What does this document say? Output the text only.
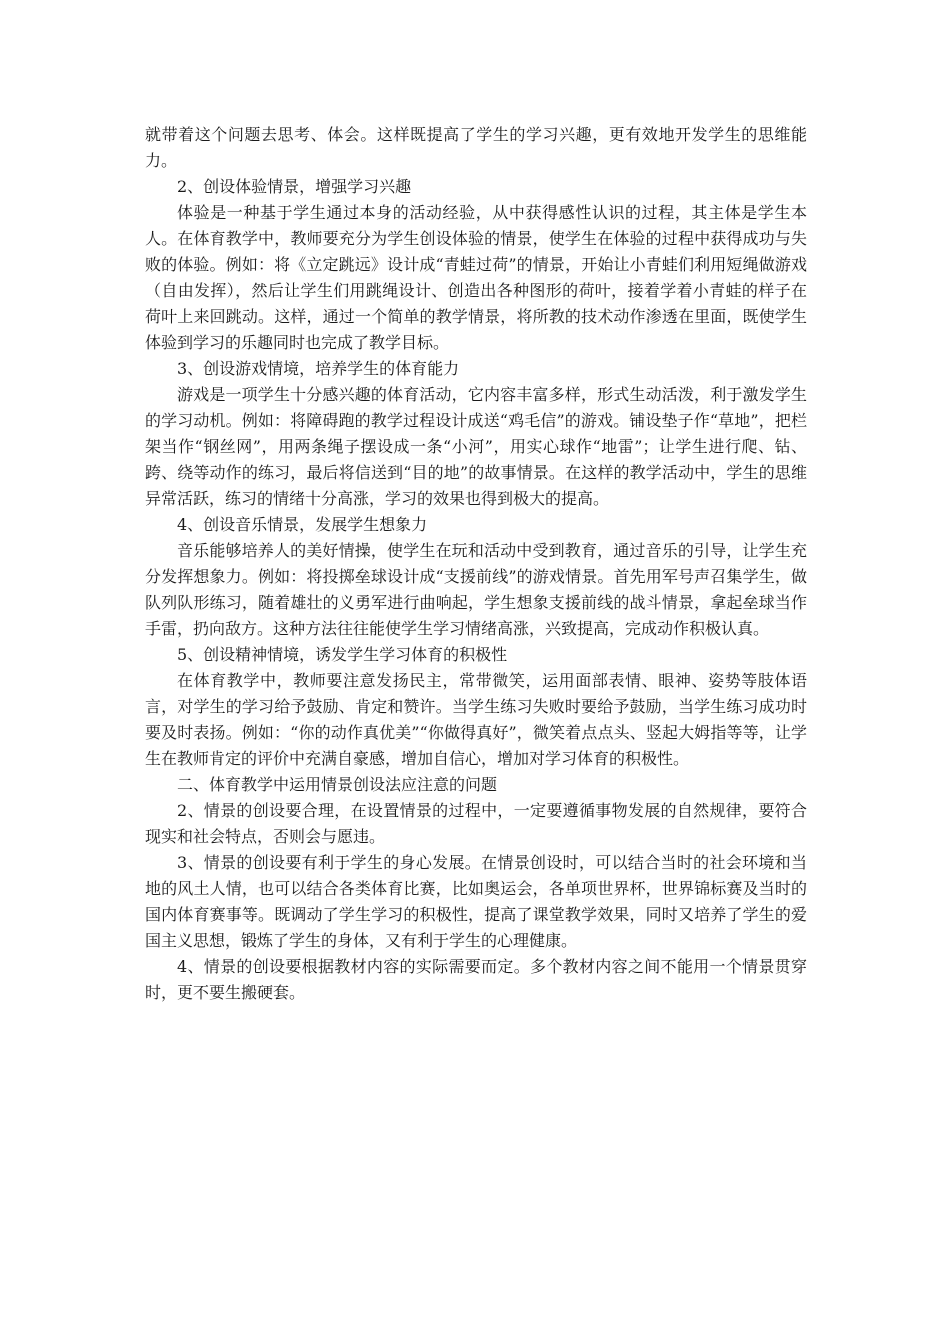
就带着这个问题去思考、体会。这样既提高了学生的学习兴趣，更有效地开发学生的思维能力。

2、创设体验情景，增强学习兴趣

体验是一种基于学生通过本身的活动经验，从中获得感性认识的过程，其主体是学生本人。在体育教学中，教师要充分为学生创设体验的情景，使学生在体验的过程中获得成功与失败的体验。例如：将《立定跳远》设计成“青蛙过荷”的情景，开始让小青蛙们利用短绳做游戏（自由发挥），然后让学生们用跳绳设计、创造出各种图形的荷叶，接着学着小青蛙的样子在荷叶上来回跳动。这样，通过一个简单的教学情景，将所教的技术动作渗透在里面，既使学生体验到学习的乐趣同时也完成了教学目标。

3、创设游戏情境，培养学生的体育能力

游戏是一项学生十分感兴趣的体育活动，它内容丰富多样，形式生动活泼，利于激发学生的学习动机。例如：将障碍跑的教学过程设计成送“鸡毛信”的游戏。铺设垫子作“草地”，把栏架当作“钢丝网”，用两条绳子摆设成一条“小河”，用实心球作“地雷”；让学生进行爬、钻、跨、绕等动作的练习，最后将信送到“目的地”的故事情景。在这样的教学活动中，学生的思维异常活跃，练习的情绪十分高涨，学习的效果也得到极大的提高。

4、创设音乐情景，发展学生想象力

音乐能够培养人的美好情操，使学生在玩和活动中受到教育，通过音乐的引导，让学生充分发挥想象力。例如：将投掷垒球设计成“支援前线”的游戏情景。首先用军号声召集学生，做队列队形练习，随着雄壮的义勇军进行曲响起，学生想象支援前线的战斗情景，拿起垒球当作手雷，扔向敌方。这种方法往往能使学生学习情绪高涨，兴致提高，完成动作积极认真。

5、创设精神情境，诱发学生学习体育的积极性

在体育教学中，教师要注意发扬民主，常带微笑，运用面部表情、眼神、姿势等肢体语言，对学生的学习给予鼓励、肯定和赞许。当学生练习失败时要给予鼓励，当学生练习成功时要及时表扬。例如：“你的动作真优美”“你做得真好”，微笑着点点头、竖起大姆指等等，让学生在教师肯定的评价中充满自豪感，增加自信心，增加对学习体育的积极性。

二、体育教学中运用情景创设法应注意的问题

2、情景的创设要合理，在设置情景的过程中，一定要遵循事物发展的自然规律，要符合现实和社会特点，否则会与愿违。

3、情景的创设要有利于学生的身心发展。在情景创设时，可以结合当时的社会环境和当地的风土人情，也可以结合各类体育比赛，比如奥运会，各单项世界杯，世界锦标赛及当时的国内体育赛事等。既调动了学生学习的积极性，提高了课堂教学效果，同时又培养了学生的爱国主义思想，锻炼了学生的身体，又有利于学生的心理健康。

4、情景的创设要根据教材内容的实际需要而定。多个教材内容之间不能用一个情景贯穿时，更不要生搬硬套。
